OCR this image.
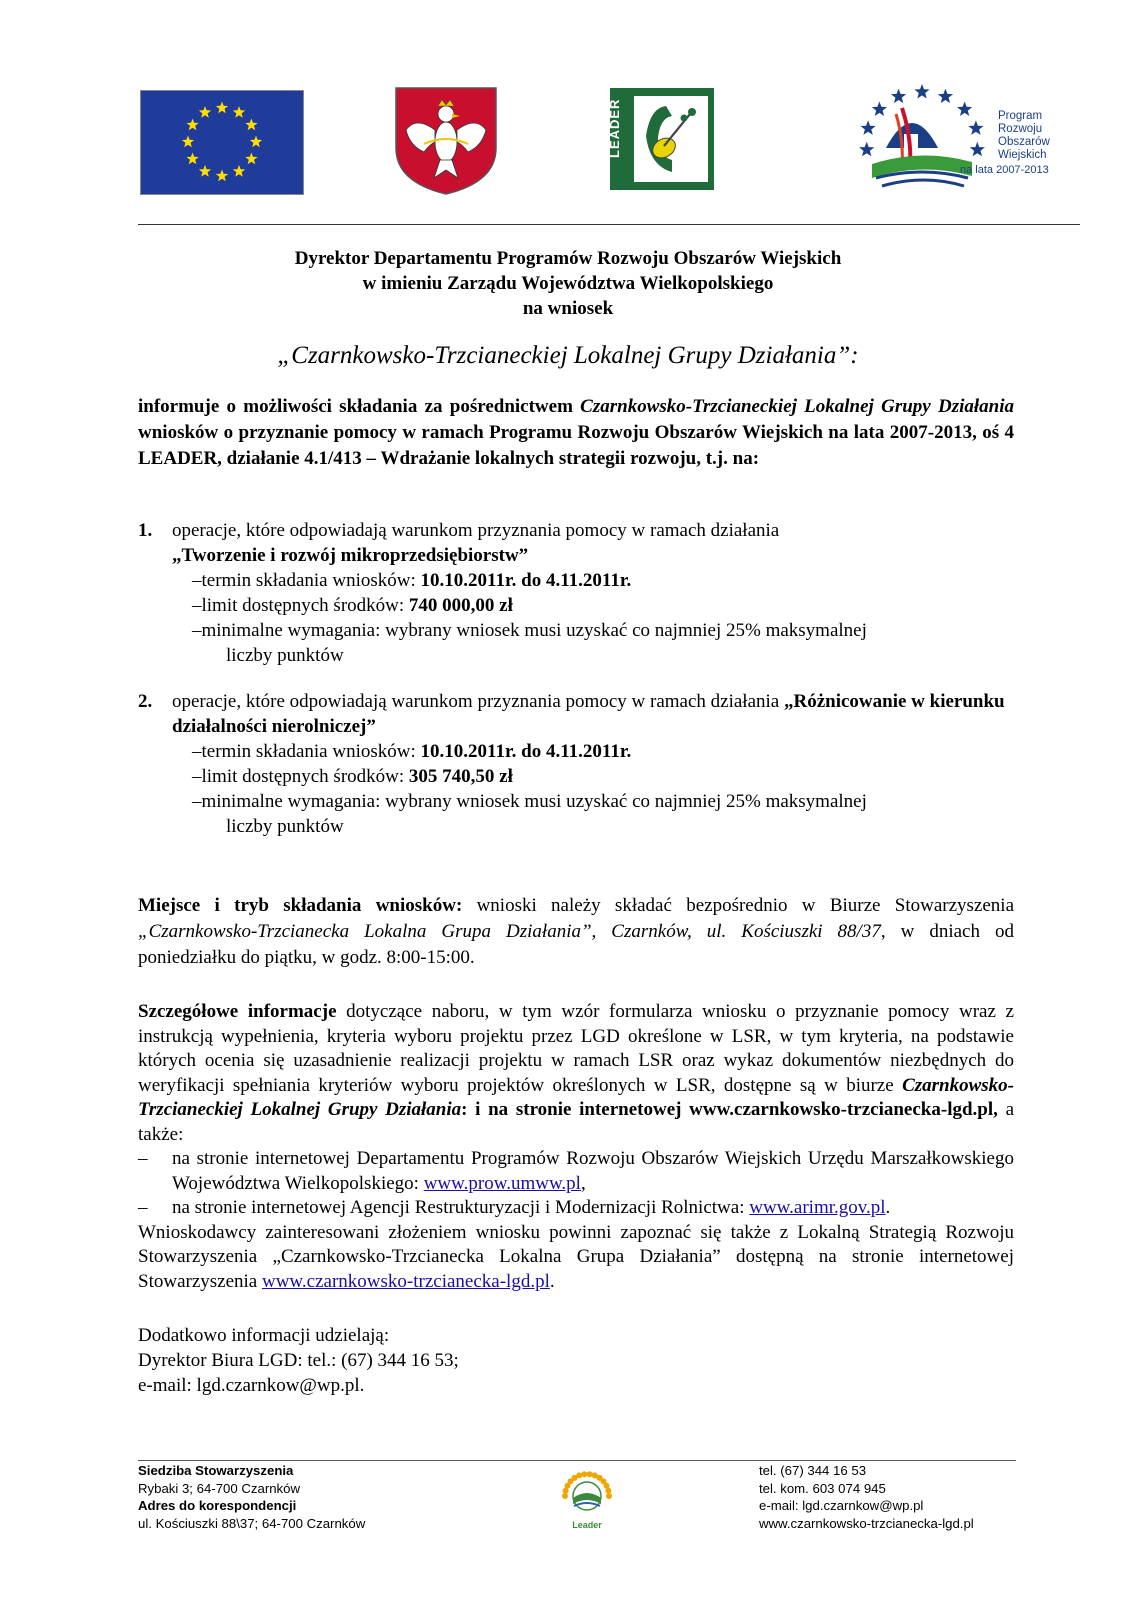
LEADER	Program
Rozwoju
Obszarów
Wiejskich
na lata 2007-2013
Dyrektor Departamentu Programów Rozwoju Obszarów Wiejskich
w imieniu Zarządu Województwa Wielkopolskiego
na wniosek
„Czarnkowsko-Trzcianeckiej Lokalnej Grupy Działania”:
informuje o możliwości składania za pośrednictwem Czarnkowsko-Trzcianeckiej Lokalnej Grupy Działania wniosków o przyznanie pomocy w ramach Programu Rozwoju Obszarów Wiejskich na lata 2007-2013, oś 4 LEADER, działanie 4.1/413 – Wdrażanie lokalnych strategii rozwoju, t.j. na:
1. operacje, które odpowiadają warunkom przyznania pomocy w ramach działania
„Tworzenie i rozwój mikroprzedsiębiorstw”
–termin składania wniosków: 10.10.2011r. do 4.11.2011r.
–limit dostępnych środków: 740 000,00 zł
–minimalne wymagania: wybrany wniosek musi uzyskać co najmniej 25% maksymalnej
liczby punktów
2. operacje, które odpowiadają warunkom przyznania pomocy w ramach działania „Różnicowanie w kierunku działalności nierolniczej”
–termin składania wniosków: 10.10.2011r. do 4.11.2011r.
–limit dostępnych środków: 305 740,50 zł
–minimalne wymagania: wybrany wniosek musi uzyskać co najmniej 25% maksymalnej
liczby punktów
Miejsce i tryb składania wniosków: wnioski należy składać bezpośrednio w Biurze Stowarzyszenia „Czarnkowsko-Trzcianecka Lokalna Grupa Działania”, Czarnków, ul. Kościuszki 88/37, w dniach od poniedziałku do piątku, w godz. 8:00-15:00.
Szczegółowe informacje dotyczące naboru, w tym wzór formularza wniosku o przyznanie pomocy wraz z instrukcją wypełnienia, kryteria wyboru projektu przez LGD określone w LSR, w tym kryteria, na podstawie których ocenia się uzasadnienie realizacji projektu w ramach LSR oraz wykaz dokumentów niezbędnych do weryfikacji spełniania kryteriów wyboru projektów określonych w LSR, dostępne są w biurze Czarnkowsko-Trzcianeckiej Lokalnej Grupy Działania: i na stronie internetowej www.czarnkowsko-trzcianecka-lgd.pl, a także:
– na stronie internetowej Departamentu Programów Rozwoju Obszarów Wiejskich Urzędu Marszałkowskiego Województwa Wielkopolskiego: www.prow.umww.pl,
– na stronie internetowej Agencji Restrukturyzacji i Modernizacji Rolnictwa: www.arimr.gov.pl.
Wnioskodawcy zainteresowani złożeniem wniosku powinni zapoznać się także z Lokalną Strategią Rozwoju Stowarzyszenia „Czarnkowsko-Trzcianecka Lokalna Grupa Działania” dostępną na stronie internetowej Stowarzyszenia www.czarnkowsko-trzcianecka-lgd.pl.
Dodatkowo informacji udzielają:
Dyrektor Biura LGD: tel.: (67) 344 16 53;
e-mail: lgd.czarnkow@wp.pl.
Siedziba Stowarzyszenia
Rybaki 3; 64-700 Czarnków
Adres do korespondencji
ul. Kościuszki 88\37; 64-700 Czarnków	Leader
tel. (67) 344 16 53
tel. kom. 603 074 945
e-mail: lgd.czarnkow@wp.pl
www.czarnkowsko-trzcianecka-lgd.pl
